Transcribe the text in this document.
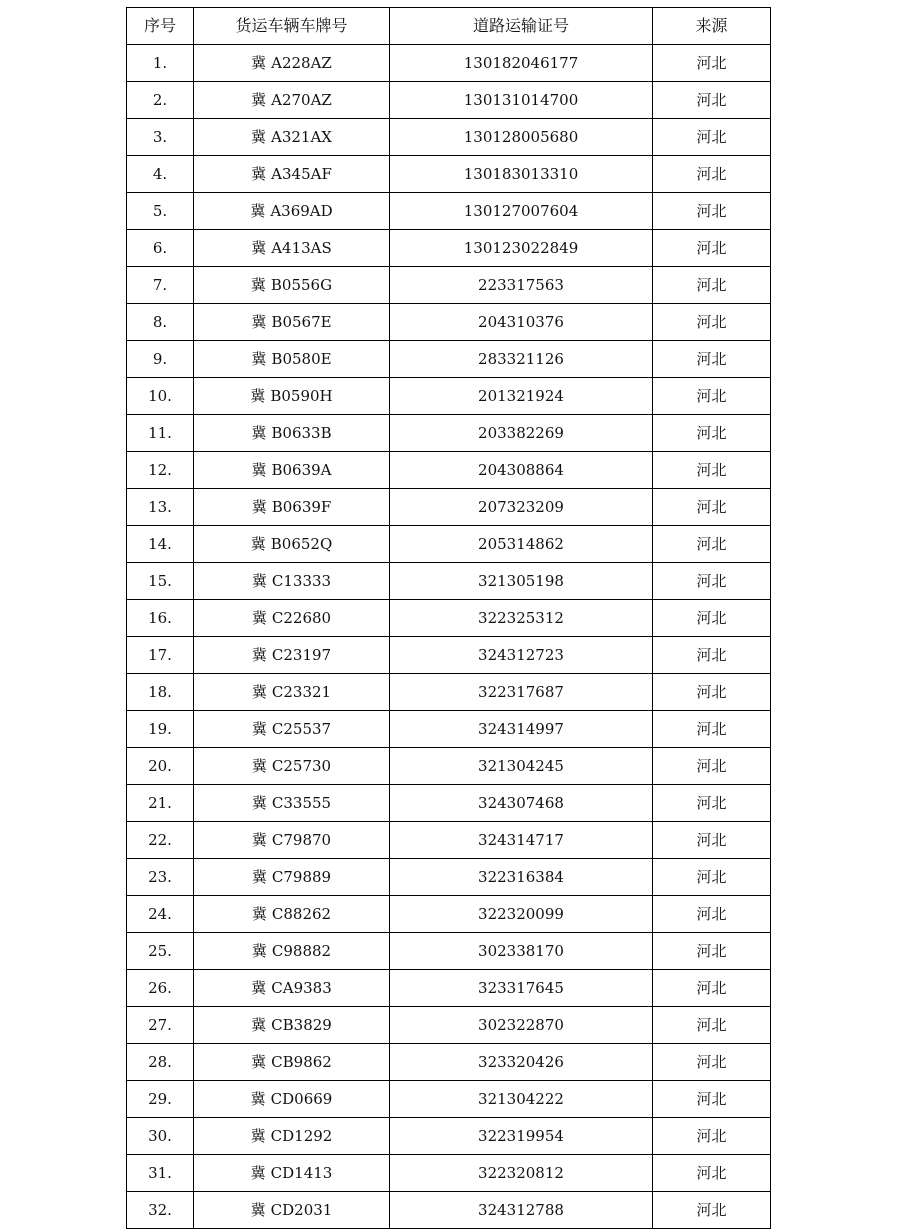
序号	货运车辆车牌号	道路运输证号	来源
1.	冀 A228AZ	130182046177	河北
2.	冀 A270AZ	130131014700	河北
3.	冀 A321AX	130128005680	河北
4.	冀 A345AF	130183013310	河北
5.	冀 A369AD	130127007604	河北
6.	冀 A413AS	130123022849	河北
7.	冀 B0556G	223317563	河北
8.	冀 B0567E	204310376	河北
9.	冀 B0580E	283321126	河北
10.	冀 B0590H	201321924	河北
11.	冀 B0633B	203382269	河北
12.	冀 B0639A	204308864	河北
13.	冀 B0639F	207323209	河北
14.	冀 B0652Q	205314862	河北
15.	冀 C13333	321305198	河北
16.	冀 C22680	322325312	河北
17.	冀 C23197	324312723	河北
18.	冀 C23321	322317687	河北
19.	冀 C25537	324314997	河北
20.	冀 C25730	321304245	河北
21.	冀 C33555	324307468	河北
22.	冀 C79870	324314717	河北
23.	冀 C79889	322316384	河北
24.	冀 C88262	322320099	河北
25.	冀 C98882	302338170	河北
26.	冀 CA9383	323317645	河北
27.	冀 CB3829	302322870	河北
28.	冀 CB9862	323320426	河北
29.	冀 CD0669	321304222	河北
30.	冀 CD1292	322319954	河北
31.	冀 CD1413	322320812	河北
32.	冀 CD2031	324312788	河北
